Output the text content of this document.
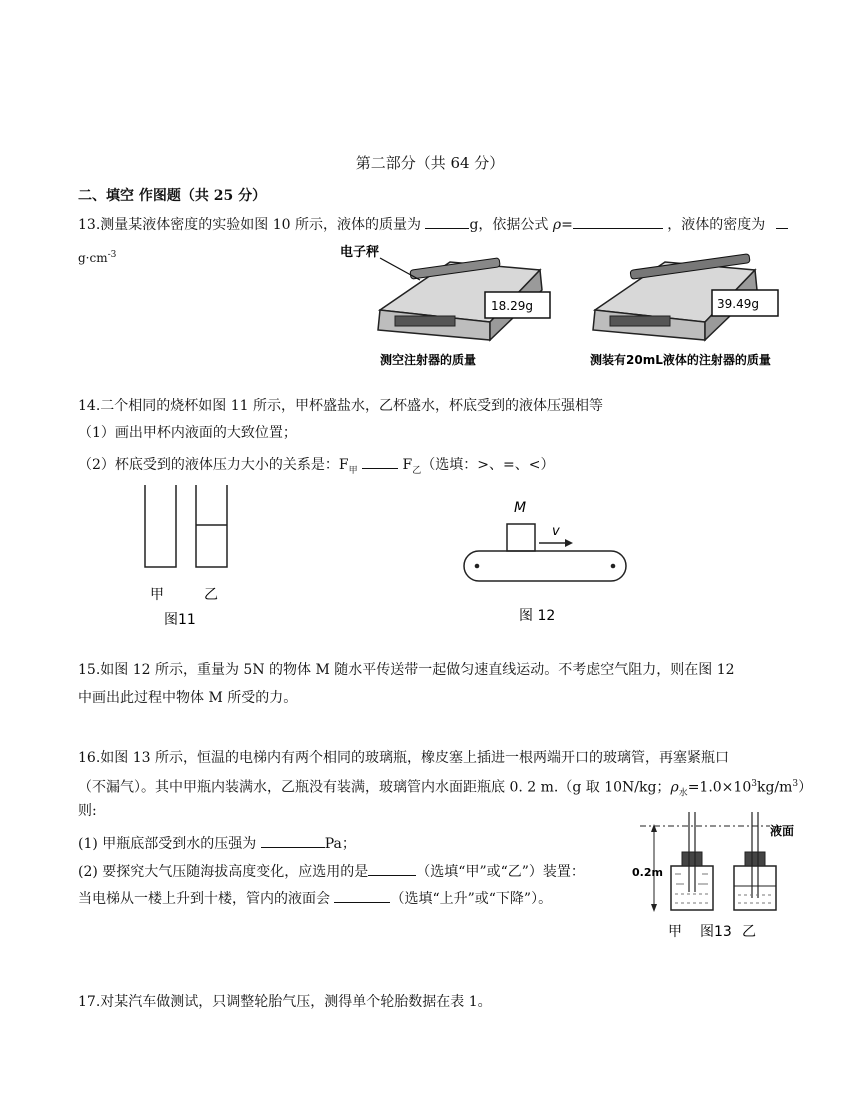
第二部分（共 64 分）
二、填空 作图题（共 25 分）
13.测量某液体密度的实验如图 10 所示，液体的质量为	g，依据公式 ρ=	，液体的密度为
$g\cdot cm^{-3}$	电子秤
18.29g
测空注射器的质量
39.49g
测装有20mL液体的注射器的质量
14.二个相同的烧杯如图 11 所示，甲杯盛盐水，乙杯盛水，杯底受到的液体压强相等
（1）画出甲杯内液面的大致位置；
（2）杯底受到的液体压力大小的关系是：$F_甲$	$F_乙$（选填：>、=、<）
甲	乙
图11
M
v
图 12
15.如图 12 所示，重量为 5N 的物体 M 随水平传送带一起做匀速直线运动。不考虑空气阻力，则在图 12
中画出此过程中物体 M 所受的力。
16.如图 13 所示，恒温的电梯内有两个相同的玻璃瓶，橡皮塞上插进一根两端开口的玻璃管，再塞紧瓶口
（不漏气）。其中甲瓶内装满水，乙瓶没有装满，玻璃管内水面距瓶底 0. 2 m.（g 取 10N/kg；$\rho_水=1.0\times 10^3kg/m^3$）
则:
(1) 甲瓶底部受到水的压强为	Pa；
(2) 要探究大气压随海拔高度变化，应选用的是	（选填“甲”或“乙”）装置：
当电梯从一楼上升到十楼，管内的液面会	（选填“上升”或“下降”）。
液面
0.2m
甲 图13 乙
17.对某汽车做测试，只调整轮胎气压，测得单个轮胎数据在表 1。
